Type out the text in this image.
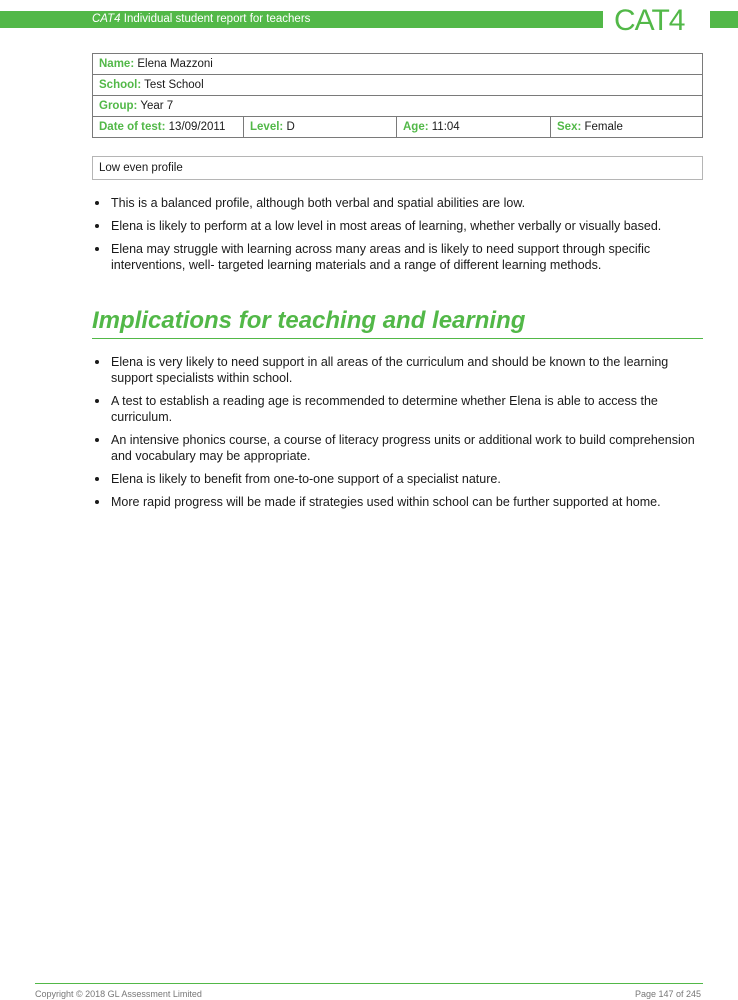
CAT4 Individual student report for teachers	CAT4
Name: Elena Mazzoni
School: Test School
Group: Year 7
Date of test: 13/09/2011	Level: D	Age: 11:04	Sex: Female
Low even profile
This is a balanced profile, although both verbal and spatial abilities are low.
Elena is likely to perform at a low level in most areas of learning, whether verbally or visually based.
Elena may struggle with learning across many areas and is likely to need support through specific interventions, well- targeted learning materials and a range of different learning methods.
Implications for teaching and learning
Elena is very likely to need support in all areas of the curriculum and should be known to the learning support specialists within school.
A test to establish a reading age is recommended to determine whether Elena is able to access the curriculum.
An intensive phonics course, a course of literacy progress units or additional work to build comprehension and vocabulary may be appropriate.
Elena is likely to benefit from one-to-one support of a specialist nature.
More rapid progress will be made if strategies used within school can be further supported at home.
Copyright © 2018 GL Assessment Limited	Page 147 of 245
